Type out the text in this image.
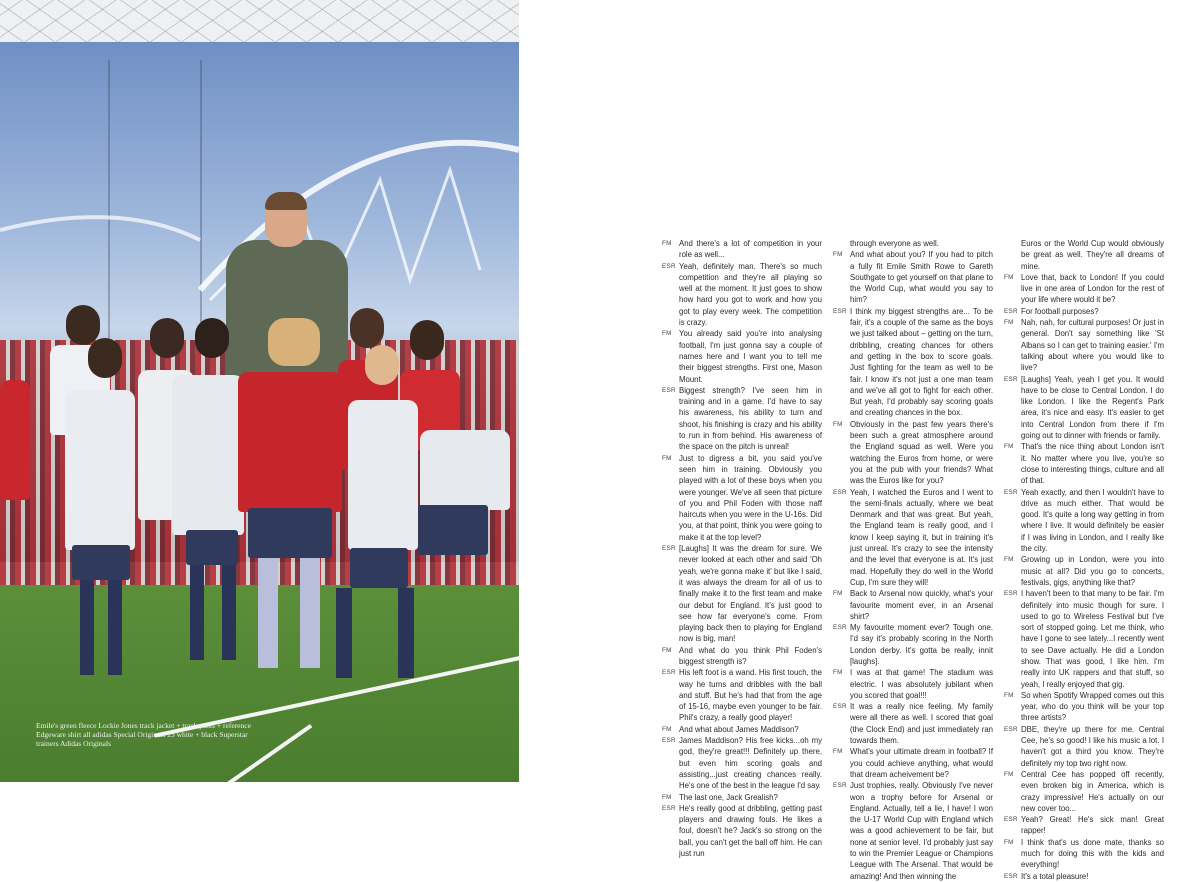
Emile's green fleece Lockie Jones track jacket + track pants + reference Edgeware shirt all adidas Special Originals 23 white + black Superstar trainers Adidas Originals

FM And there's a lot of competition in your role as well...

ESR Yeah, definitely man. There's so much competition and they're all playing so well at the moment. It just goes to show how hard you got to work and how you got to play every week. The competition is crazy.

FM You already said you're into analysing football, I'm just gonna say a couple of names here and I want you to tell me their biggest strengths. First one, Mason Mount.

ESR Biggest strength? I've seen him in training and in a game. I'd have to say his awareness, his ability to turn and shoot, his finishing is crazy and his ability to run in from behind. His awareness of the space on the pitch is unreal!

FM Just to digress a bit, you said you've seen him in training. Obviously you played with a lot of these boys when you were younger. We've all seen that picture of you and Phil Foden with those naff haircuts when you were in the U-16s. Did you, at that point, think you were going to make it at the top level?

ESR [Laughs] It was the dream for sure. We never looked at each other and said 'Oh yeah, we're gonna make it' but like I said, it was always the dream for all of us to finally make it to the first team and make our debut for England. It's just good to see how far everyone's come. From playing back then to playing for England now is big, man!

FM And what do you think Phil Foden's biggest strength is?

ESR His left foot is a wand. His first touch, the way he turns and dribbles with the ball and stuff. But he's had that from the age of 15-16, maybe even younger to be fair. Phil's crazy, a really good player!

FM And what about James Maddison?

ESR James Maddison? His free kicks...oh my god, they're great!!! Definitely up there, but even him scoring goals and assisting...just creating chances really. He's one of the best in the league I'd say.

FM The last one, Jack Grealish?

ESR He's really good at dribbling, getting past players and drawing fouls. He likes a foul, doesn't he? Jack's so strong on the ball, you can't get the ball off him. He can just run

through everyone as well.

FM And what about you? If you had to pitch a fully fit Emile Smith Rowe to Gareth Southgate to get yourself on that plane to the World Cup, what would you say to him?

ESR I think my biggest strengths are... To be fair, it's a couple of the same as the boys we just talked about – getting on the turn, dribbling, creating chances for others and getting in the box to score goals. Just fighting for the team as well to be fair. I know it's not just a one man team and we've all got to fight for each other. But yeah, I'd probably say scoring goals and creating chances in the box.

FM Obviously in the past few years there's been such a great atmosphere around the England squad as well. Were you watching the Euros from home, or were you at the pub with your friends? What was the Euros like for you?

ESR Yeah, I watched the Euros and I went to the semi-finals actually, where we beat Denmark and that was great. But yeah, the England team is really good, and I know I keep saying it, but in training it's just unreal. It's crazy to see the intensity and the level that everyone is at. It's just mad. Hopefully they do well in the World Cup, I'm sure they will!

FM Back to Arsenal now quickly, what's your favourite moment ever, in an Arsenal shirt?

ESR My favourite moment ever? Tough one. I'd say it's probably scoring in the North London derby. It's gotta be really, innit [laughs].

FM I was at that game! The stadium was electric. I was absolutely jubilant when you scored that goal!!!

ESR It was a really nice feeling. My family were all there as well. I scored that goal (the Clock End) and just immediately ran towards them.

FM What's your ultimate dream in football? If you could achieve anything, what would that dream acheivement be?

ESR Just trophies, really. Obviously I've never won a trophy before for Arsenal or England. Actually, tell a lie, I have! I won the U-17 World Cup with England which was a good achievement to be fair, but none at senior level. I'd probably just say to win the Premier League or Champions League with The Arsenal. That would be amazing! And then winning the

Euros or the World Cup would obviously be great as well. They're all dreams of mine.

FM Love that, back to London! If you could live in one area of London for the rest of your life where would it be?

ESR For football purposes?

FM Nah, nah, for cultural purposes! Or just in general. Don't say something like 'St Albans so I can get to training easier.' I'm talking about where you would like to live?

ESR [Laughs] Yeah, yeah I get you. It would have to be close to Central London. I do like London. I like the Regent's Park area, it's nice and easy. It's easier to get into Central London from there if I'm going out to dinner with friends or family.

FM That's the nice thing about London isn't it. No matter where you live, you're so close to interesting things, culture and all of that.

ESR Yeah exactly, and then I wouldn't have to drive as much either. That would be good. It's quite a long way getting in from where I live. It would definitely be easier if I was living in London, and I really like the city.

FM Growing up in London, were you into music at all? Did you go to concerts, festivals, gigs, anything like that?

ESR I haven't been to that many to be fair. I'm definitely into music though for sure. I used to go to Wireless Festival but I've sort of stopped going. Let me think, who have I gone to see lately...I recently went to see Dave actually. He did a London show. That was good, I like him. I'm really into UK rappers and that stuff, so yeah, I really enjoyed that gig.

FM So when Spotify Wrapped comes out this year, who do you think will be your top three artists?

ESR DBE, they're up there for me. Central Cee, he's so good! I like his music a lot. I haven't got a third you know. They're definitely my top two right now.

FM Central Cee has popped off recently, even broken big in America, which is crazy impressive! He's actually on our new cover too...

ESR Yeah? Great! He's sick man! Great rapper!

FM I think that's us done mate, thanks so much for doing this with the kids and everything!

ESR It's a total pleasure!
